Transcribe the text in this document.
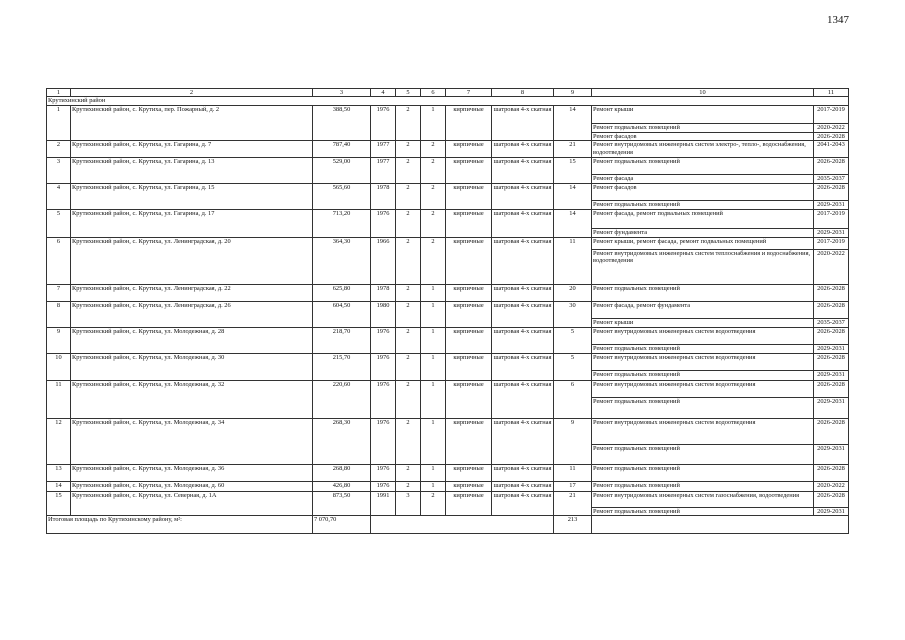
1347
1	2	3	4	5	6	7	8	9	10	11
Крутихинский район										
1	Крутихинский район, с. Крутиха, пер. Пожарный, д. 2	388,50	1976	2	1	кирпичные	шатровая 4-х скатная	14	Ремонт крыши	2017-2019
									Ремонт подвальных помещений	2020-2022
									Ремонт фасадов	2026-2028
2	Крутихинский район, с. Крутиха, ул. Гагарина, д. 7	787,40	1977	2	2	кирпичные	шатровая 4-х скатная	21	Ремонт внутридомовых инженерных систем электро-, тепло-, водоснабжения, водоотведения	2041-2043
3	Крутихинский район, с. Крутиха, ул. Гагарина, д. 13	529,00	1977	2	2	кирпичные	шатровая 4-х скатная	15	Ремонт подвальных помещений	2026-2028
									Ремонт фасада	2035-2037
4	Крутихинский район, с. Крутиха, ул. Гагарина, д. 15	565,60	1978	2	2	кирпичные	шатровая 4-х скатная	14	Ремонт фасадов	2026-2028
									Ремонт подвальных помещений	2029-2031
5	Крутихинский район, с. Крутиха, ул. Гагарина, д. 17	713,20	1976	2	2	кирпичные	шатровая 4-х скатная	14	Ремонт фасада, ремонт подвальных помещений	2017-2019
									Ремонт фундамента	2029-2031
6	Крутихинский район, с. Крутиха, ул. Ленинградская, д. 20	364,30	1966	2	2	кирпичные	шатровая 4-х скатная	11	Ремонт крыши, ремонт фасада, ремонт подвальных помещений	2017-2019
									Ремонт внутридомовых инженерных систем теплоснабжения и водоснабжения, водоотведения	2020-2022
7	Крутихинский район, с. Крутиха, ул. Ленинградская, д. 22	625,80	1978	2	1	кирпичные	шатровая 4-х скатная	20	Ремонт подвальных помещений	2026-2028
8	Крутихинский район, с. Крутиха, ул. Ленинградская, д. 26	604,50	1980	2	1	кирпичные	шатровая 4-х скатная	30	Ремонт фасада, ремонт фундамента	2026-2028
									Ремонт крыши	2035-2037
9	Крутихинский район, с. Крутиха, ул. Молодежная, д. 28	218,70	1976	2	1	кирпичные	шатровая 4-х скатная	5	Ремонт внутридомовых инженерных систем водоотведения	2026-2028
									Ремонт подвальных помещений	2029-2031
10	Крутихинский район, с. Крутиха, ул. Молодежная, д. 30	215,70	1976	2	1	кирпичные	шатровая 4-х скатная	5	Ремонт внутридомовых инженерных систем водоотведения	2026-2028
									Ремонт подвальных помещений	2029-2031
11	Крутихинский район, с. Крутиха, ул. Молодежная, д. 32	220,60	1976	2	1	кирпичные	шатровая 4-х скатная	6	Ремонт внутридомовых инженерных систем водоотведения	2026-2028
									Ремонт подвальных помещений	2029-2031
12	Крутихинский район, с. Крутиха, ул. Молодежная, д. 34	268,30	1976	2	1	кирпичные	шатровая 4-х скатная	9	Ремонт внутридомовых инженерных систем водоотведения	2026-2028
									Ремонт подвальных помещений	2029-2031
13	Крутихинский район, с. Крутиха, ул. Молодежная, д. 36	268,80	1976	2	1	кирпичные	шатровая 4-х скатная	11	Ремонт подвальных помещений	2026-2028
14	Крутихинский район, с. Крутиха, ул. Молодежная, д. 60	426,80	1976	2	1	кирпичные	шатровая 4-х скатная	17	Ремонт подвальных помещений	2020-2022
15	Крутихинский район, с. Крутиха, ул. Северная, д. 1А	873,50	1991	3	2	кирпичные	шатровая 4-х скатная	21	Ремонт внутридомовых инженерных систем газоснабжения, водоотведения	2026-2028
									Ремонт подвальных помещений	2029-2031
Итоговая площадь по Крутихинскому району, м²:		7 070,70						213		
